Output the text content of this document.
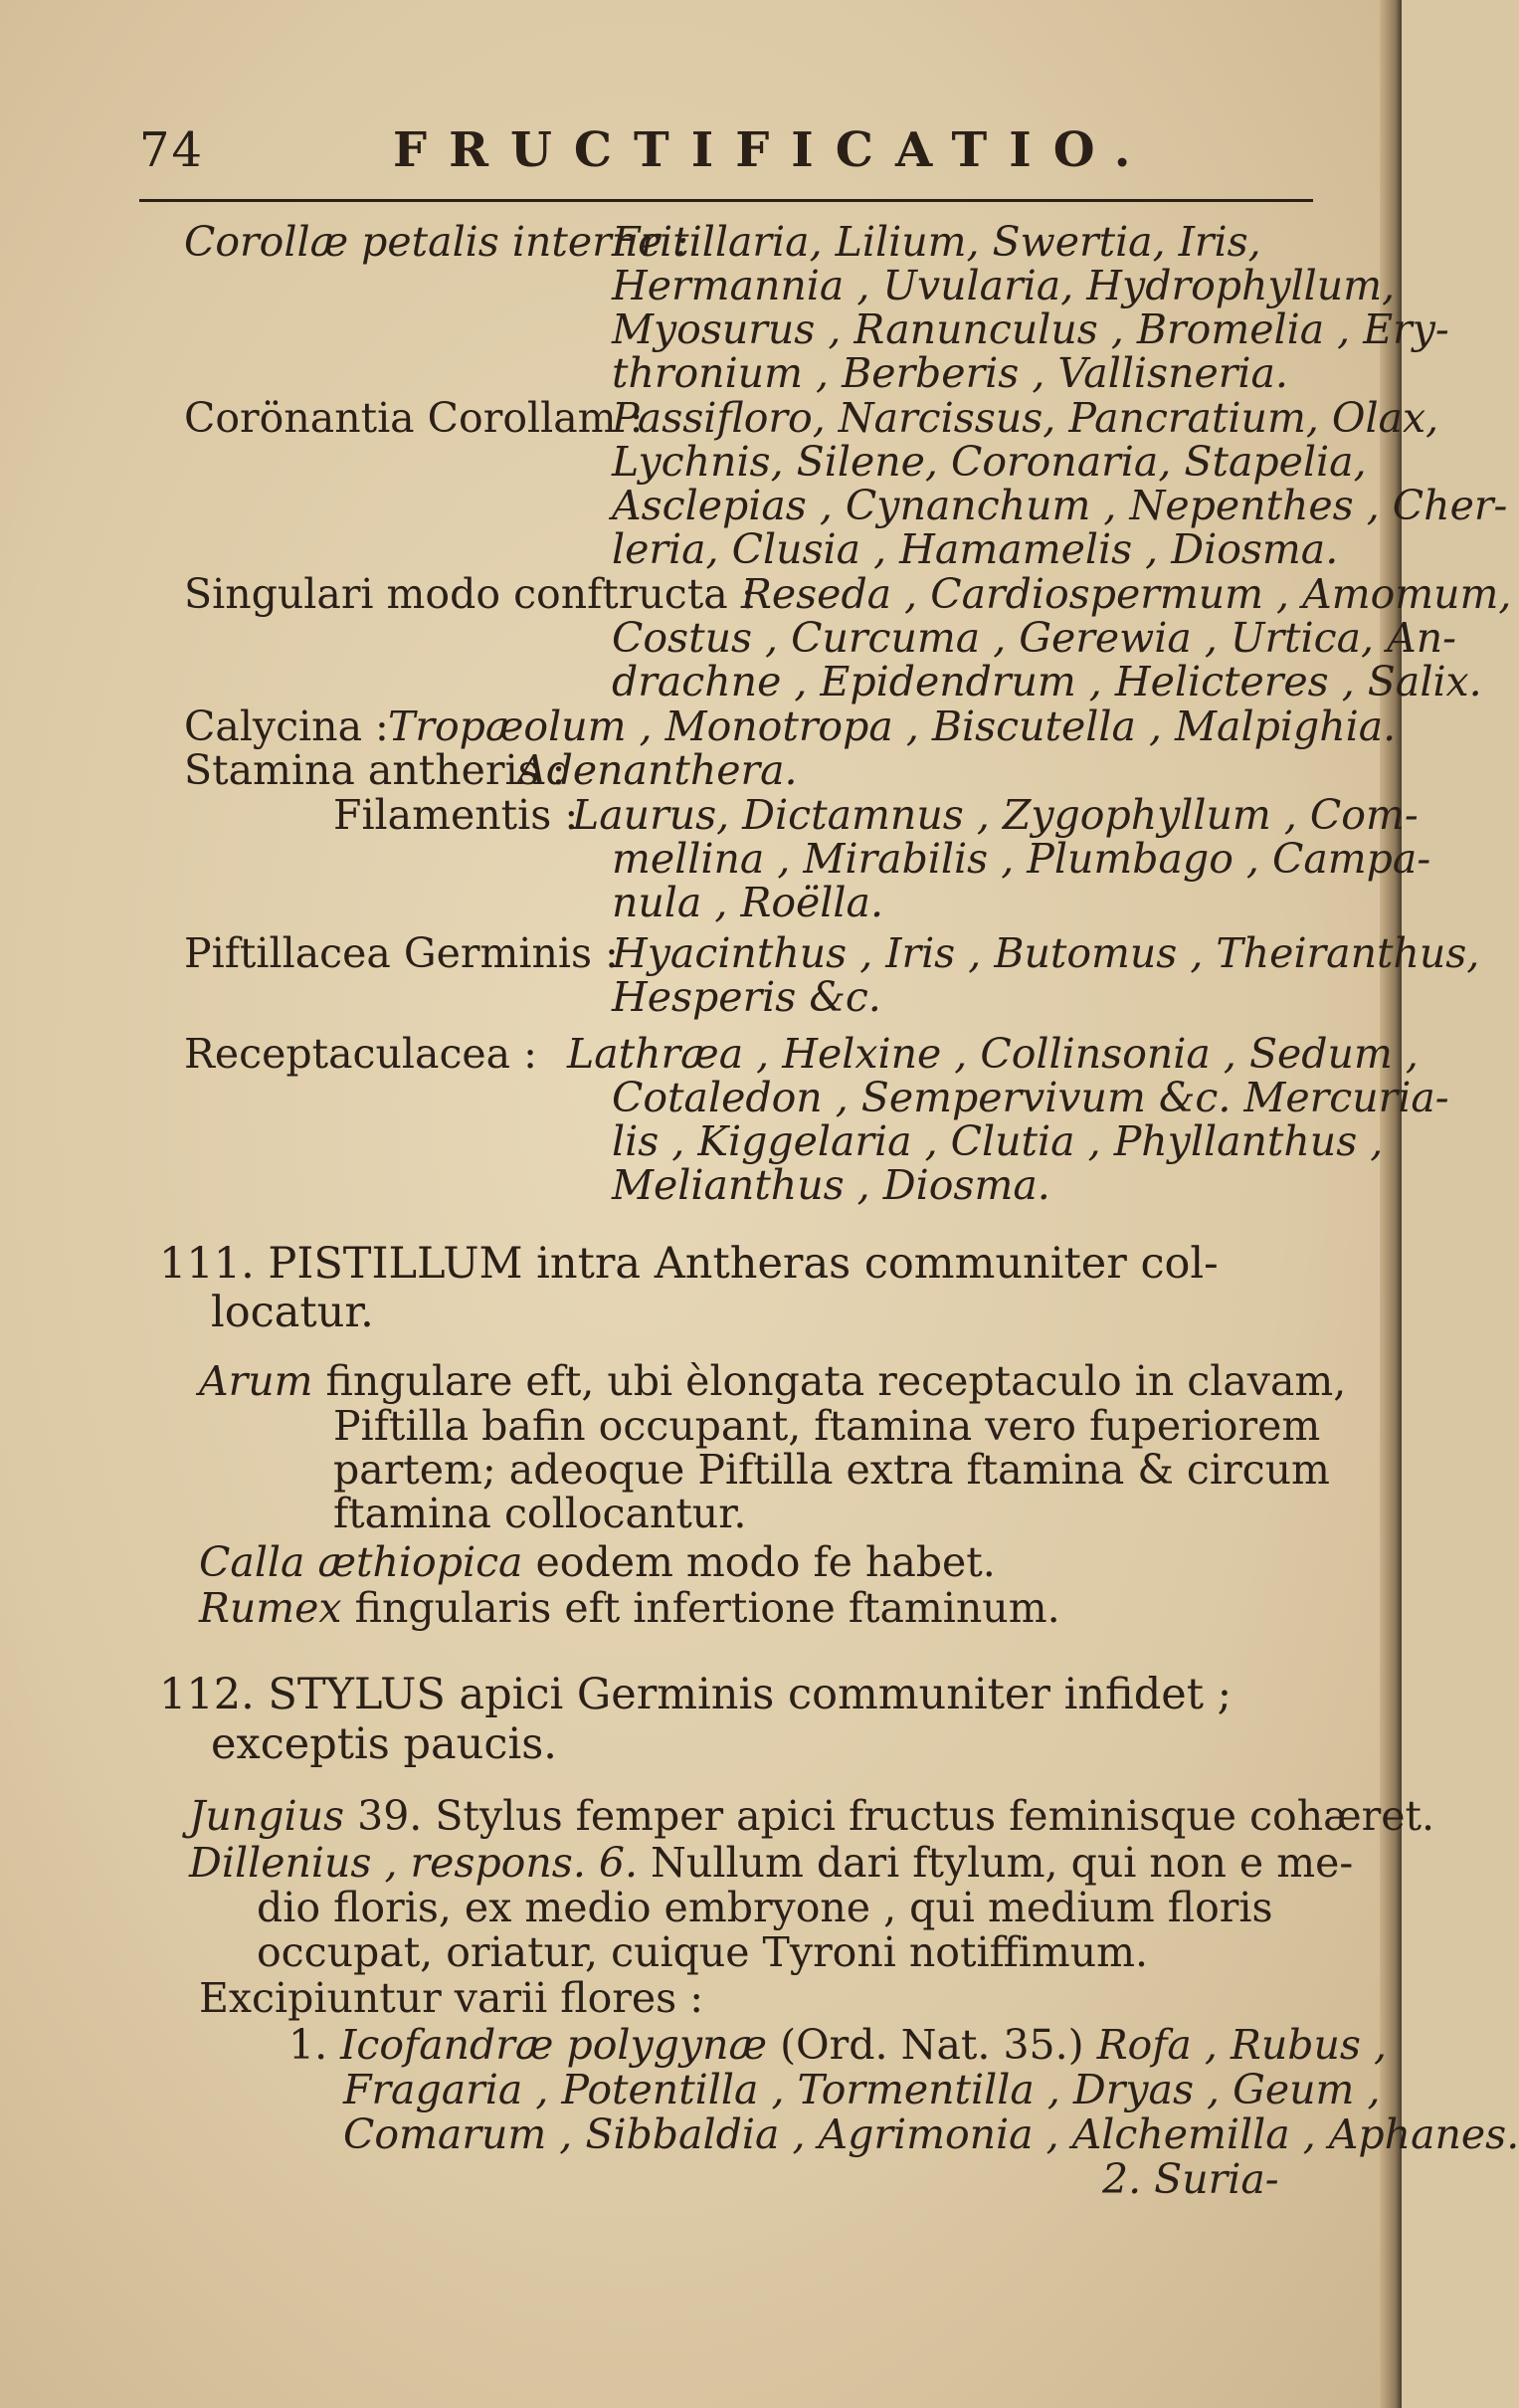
74	FRUCTIFICATIO.
Corollæ petalis interne :
Fritillaria, Lilium, Swertia, Iris,
Hermannia , Uvularia, Hydrophyllum,
Myosurus , Ranunculus , Bromelia , Ery-
thronium , Berberis , Vallisneria.
Corönantia Corollam :
Passifloro, Narcissus, Pancratium, Olax,
Lychnis, Silene, Coronaria, Stapelia,
Asclepias , Cynanchum , Nepenthes , Cher-
leria, Clusia , Hamamelis , Diosma.
Singulari modo conftructa :
Reseda , Cardiospermum , Amomum,
Costus , Curcuma , Gerewia , Urtica, An-
drachne , Epidendrum , Helicteres , Salix.
Calycina : Tropæolum , Monotropa , Biscutella , Malpighia.
Stamina antheris :
Adenanthera.
Filamentis :
Laurus, Dictamnus , Zygophyllum , Com-
mellina , Mirabilis , Plumbago , Campa-
nula , Roëlla.
Piftillacea Germinis :
Hyacinthus , Iris , Butomus , Theiranthus,
Hesperis &c.
Receptaculacea : Lathræa , Helxine , Collinsonia , Sedum ,
Cotaledon , Sempervivum &c. Mercuria-
lis , Kiggelaria , Clutia , Phyllanthus ,
Melianthus , Diosma.
111. PISTILLUM intra Antheras communiter col-
locatur.
Arum fingulare eft, ubi èlongata receptaculo in clavam,
Piftilla bafin occupant, ftamina vero fuperiorem
partem; adeoque Piftilla extra ftamina & circum
ftamina collocantur.
Calla æthiopica eodem modo fe habet.
Rumex fingularis eft infertione ftaminum.
112. STYLUS apici Germinis communiter infidet ;
exceptis paucis.
Jungius 39. Stylus femper apici fructus feminisque cohæret.
Dillenius , respons. 6. Nullum dari ftylum, qui non e me-
dio floris, ex medio embryone , qui medium floris
occupat, oriatur, cuique Tyroni notiffimum.
Excipiuntur varii flores :
1. Icofandræ polygynæ (Ord. Nat. 35.) Rofa , Rubus ,
Fragaria , Potentilla , Tormentilla , Dryas , Geum ,
Comarum , Sibbaldia , Agrimonia , Alchemilla , Aphanes.
2. Suria-
